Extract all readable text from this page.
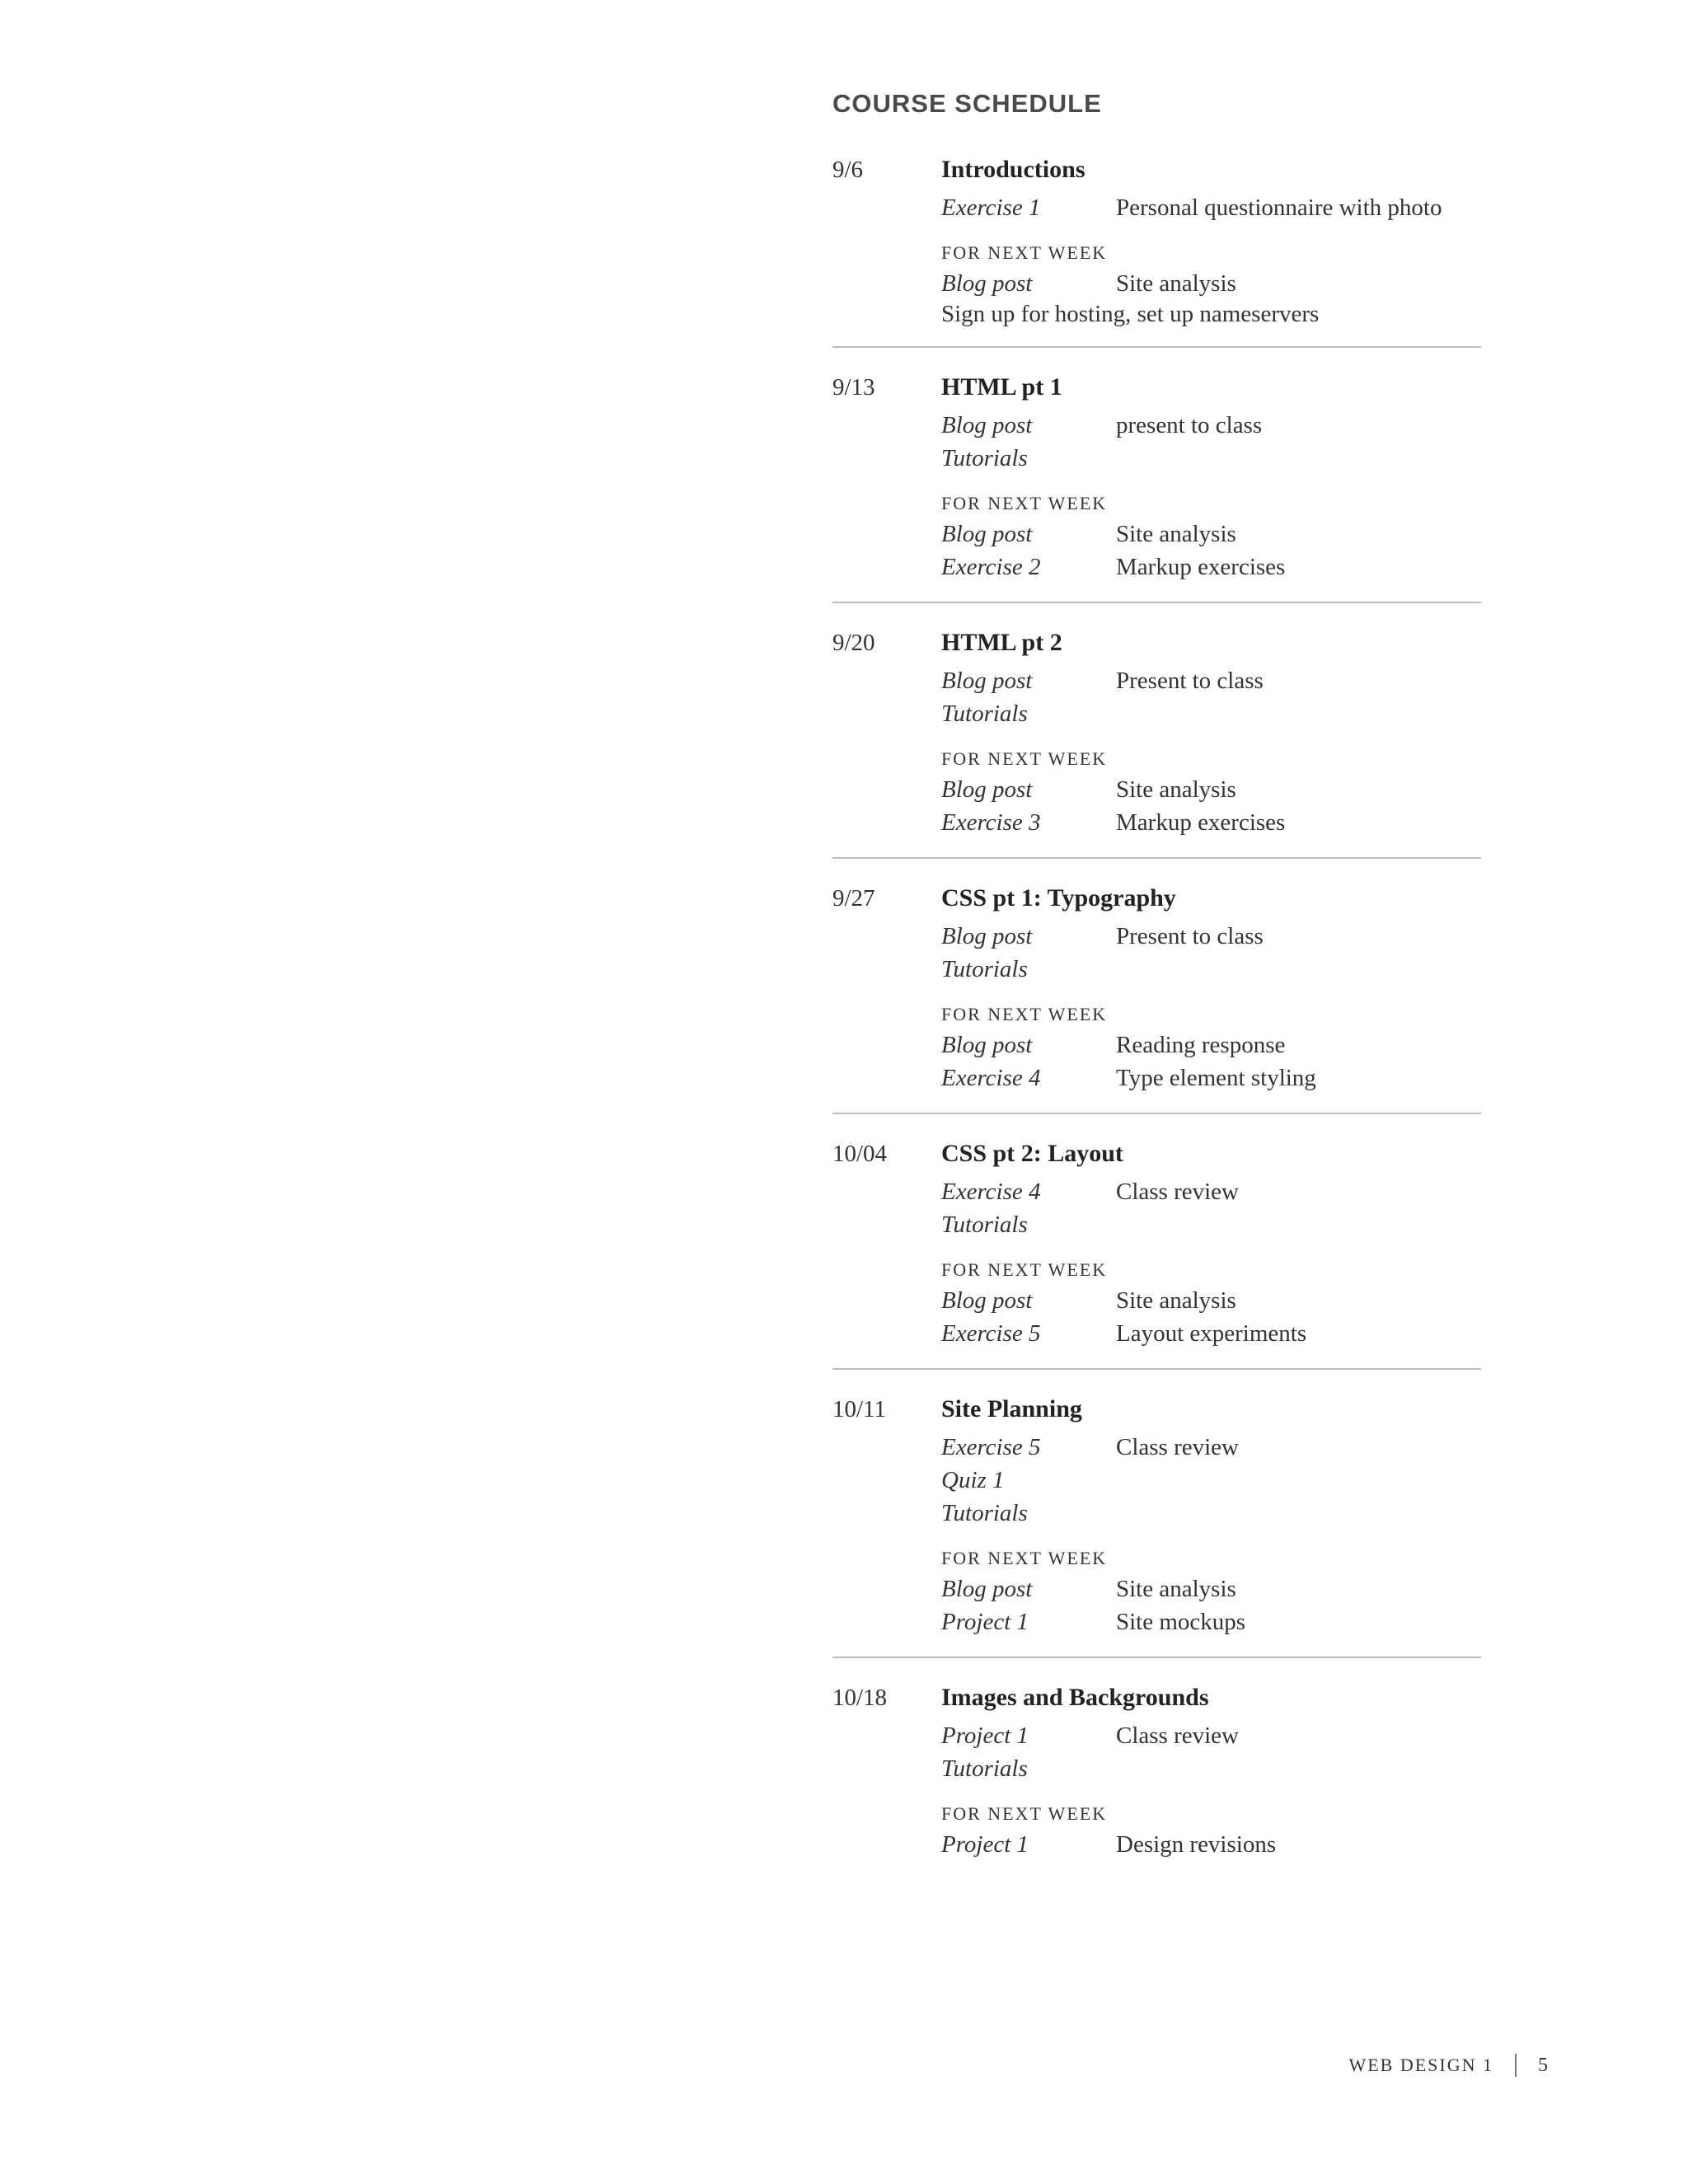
COURSE SCHEDULE
9/6	Introductions
Exercise 1	Personal questionnaire with photo
FOR NEXT WEEK
Blog post	Site analysis
Sign up for hosting, set up nameservers
9/13	HTML pt 1
Blog post	present to class
Tutorials
FOR NEXT WEEK
Blog post	Site analysis
Exercise 2	Markup exercises
9/20	HTML pt 2
Blog post	Present to class
Tutorials
FOR NEXT WEEK
Blog post	Site analysis
Exercise 3	Markup exercises
9/27	CSS pt 1: Typography
Blog post	Present to class
Tutorials
FOR NEXT WEEK
Blog post	Reading response
Exercise 4	Type element styling
10/04 CSS pt 2: Layout
Exercise 4	Class review
Tutorials
FOR NEXT WEEK
Blog post	Site analysis
Exercise 5	Layout experiments
10/11 Site Planning
Exercise 5	Class review
Quiz 1
Tutorials
FOR NEXT WEEK
Blog post	Site analysis
Project 1	Site mockups
10/18 Images and Backgrounds
Project 1	Class review
Tutorials
FOR NEXT WEEK
Project 1	Design revisions
WEB DESIGN 1 5
